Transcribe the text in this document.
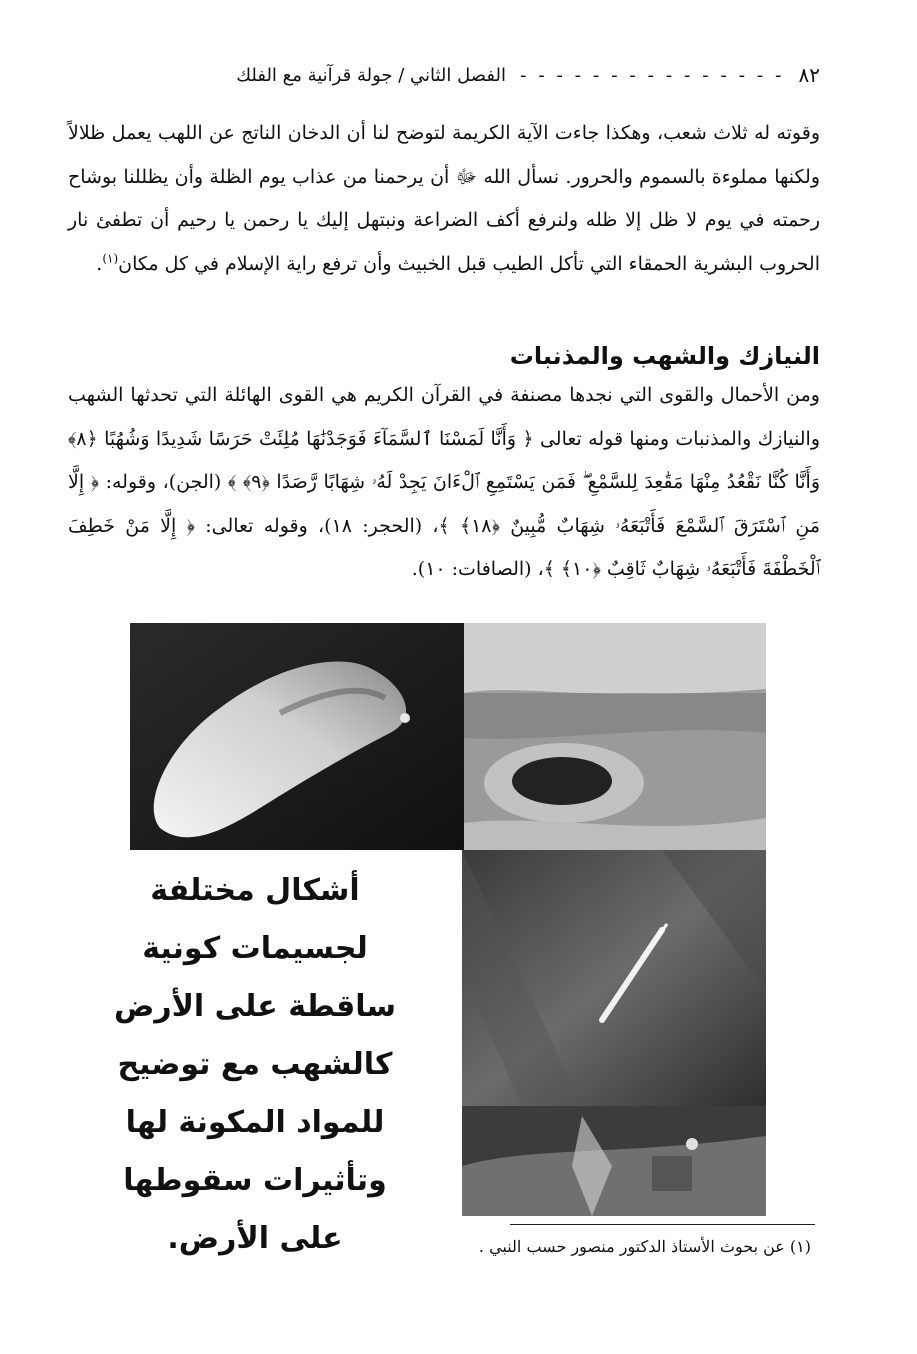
٨٢
- - - - - - - - - - - - - - -
الفصل الثاني / جولة قرآنية مع الفلك

وقوته له ثلاث شعب، وهكذا جاءت الآية الكريمة لتوضح لنا أن الدخان الناتج عن اللهب يعمل ظلالاً ولكنها مملوءة بالسموم والحرور. نسأل الله ﷻ أن يرحمنا من عذاب يوم الظلة وأن يظللنا بوشاح رحمته في يوم لا ظل إلا ظله ولنرفع أكف الضراعة ونبتهل إليك يا رحمن يا رحيم أن تطفئ نار الحروب البشرية الحمقاء التي تأكل الطيب قبل الخبيث وأن ترفع راية الإسلام في كل مكان$^{(١)}$.

النيازك والشهب والمذنبات

ومن الأحمال والقوى التي نجدها مصنفة في القرآن الكريم هي القوى الهائلة التي تحدثها الشهب والنيازك والمذنبات ومنها قوله تعالى ﴿ وَأَنَّا لَمَسْنَا ٱلسَّمَآءَ فَوَجَدْنَٰهَا مُلِئَتْ حَرَسًا شَدِيدًا وَشُهُبًا ﴿٨﴾ وَأَنَّا كُنَّا نَقْعُدُ مِنْهَا مَقَٰعِدَ لِلسَّمْعِ ۖ فَمَن يَسْتَمِعِ ٱلْءَانَ يَجِدْ لَهُۥ شِهَابًا رَّصَدًا ﴿٩﴾ ﴾ (الجن)، وقوله: ﴿ إِلَّا مَنِ ٱسْتَرَقَ ٱلسَّمْعَ فَأَتْبَعَهُۥ شِهَابٌ مُّبِينٌ ﴿١٨﴾ ﴾، (الحجر: ١٨)، وقوله تعالى: ﴿ إِلَّا مَنْ خَطِفَ ٱلْخَطْفَةَ فَأَتْبَعَهُۥ شِهَابٌ ثَاقِبٌ ﴿١٠﴾ ﴾، (الصافات: ١٠).

أشكال مختلفة لجسيمات كونية ساقطة على الأرض كالشهب مع توضيح للمواد المكونة لها وتأثيرات سقوطها على الأرض.	(١) عن بحوث الأستاذ الدكتور منصور حسب النبي .
